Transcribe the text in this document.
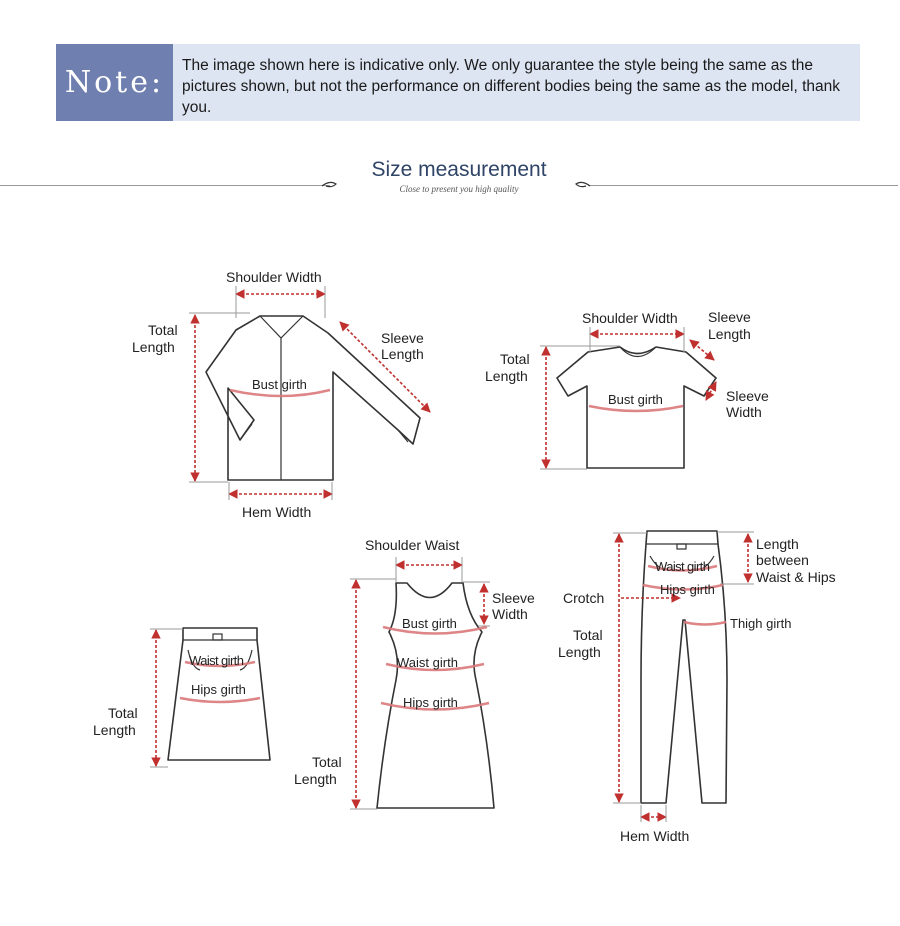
Note:	The image shown here is indicative only. We only guarantee the style being the same as the pictures shown, but not the performance on different bodies being the same as the model, thank you.
Size measurement
Close to present you high quality
Shoulder Width
Total
Length
Sleeve
Length
Bust girth
Hem Width
Shoulder Width Sleeve
Length
Total
Length
Bust girth	Sleeve
Width
Waist girth
Hips girth
Total
Length
Shoulder Waist
Sleeve
Width
Bust girth
Waist girth
Hips girth
Total
Length
Length
between
Waist & Hips
Waist girth
Hips girth
Crotch
Thigh girth
Total
Length
Hem Width
